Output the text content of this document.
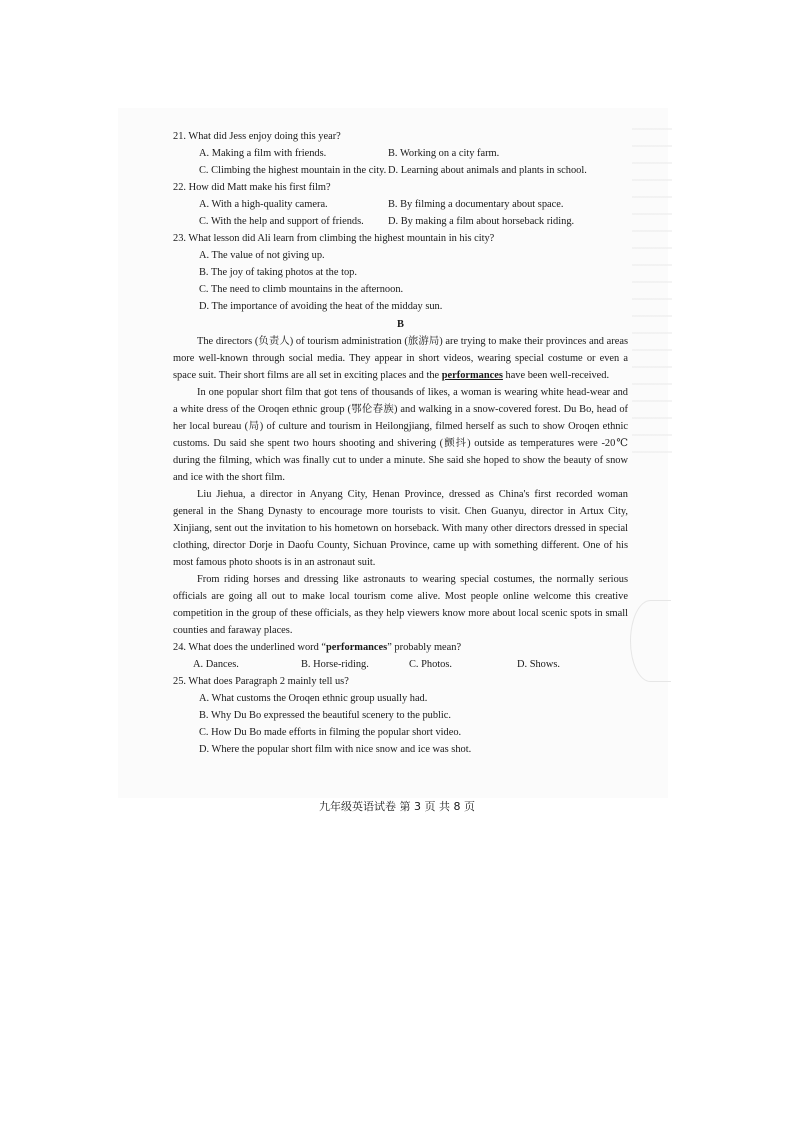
21. What did Jess enjoy doing this year?

A. Making a film with friends.	B. Working on a city farm.
C. Climbing the highest mountain in the city. D. Learning about animals and plants in school.

22. How did Matt make his first film?

A. With a high-quality camera.	B. By filming a documentary about space.
C. With the help and support of friends.	D. By making a film about horseback riding.

23. What lesson did Ali learn from climbing the highest mountain in his city?

A. The value of not giving up.

B. The joy of taking photos at the top.

C. The need to climb mountains in the afternoon.

D. The importance of avoiding the heat of the midday sun.

B

The directors (负责人) of tourism administration (旅游局) are trying to make their provinces and areas more well-known through social media. They appear in short videos, wearing special costume or even a space suit. Their short films are all set in exciting places and the performances have been well-received.

In one popular short film that got tens of thousands of likes, a woman is wearing white head-wear and a white dress of the Oroqen ethnic group (鄂伦春族) and walking in a snow-covered forest. Du Bo, head of her local bureau (局) of culture and tourism in Heilongjiang, filmed herself as such to show Oroqen ethnic customs. Du said she spent two hours shooting and shivering (颤抖) outside as temperatures were -20℃ during the filming, which was finally cut to under a minute. She said she hoped to show the beauty of snow and ice with the short film.

Liu Jiehua, a director in Anyang City, Henan Province, dressed as China's first recorded woman general in the Shang Dynasty to encourage more tourists to visit. Chen Guanyu, director in Artux City, Xinjiang, sent out the invitation to his hometown on horseback. With many other directors dressed in special clothing, director Dorje in Daofu County, Sichuan Province, came up with something different. One of his most famous photo shoots is in an astronaut suit.

From riding horses and dressing like astronauts to wearing special costumes, the normally serious officials are going all out to make local tourism come alive. Most people online welcome this creative competition in the group of these officials, as they help viewers know more about local scenic spots in small counties and faraway places.

24. What does the underlined word “performances” probably mean?

A. Dances.	B. Horse-riding.	C. Photos.	D. Shows.

25. What does Paragraph 2 mainly tell us?

A. What customs the Oroqen ethnic group usually had.

B. Why Du Bo expressed the beautiful scenery to the public.

C. How Du Bo made efforts in filming the popular short video.

D. Where the popular short film with nice snow and ice was shot.

九年级英语试卷 第 3 页 共 8 页
